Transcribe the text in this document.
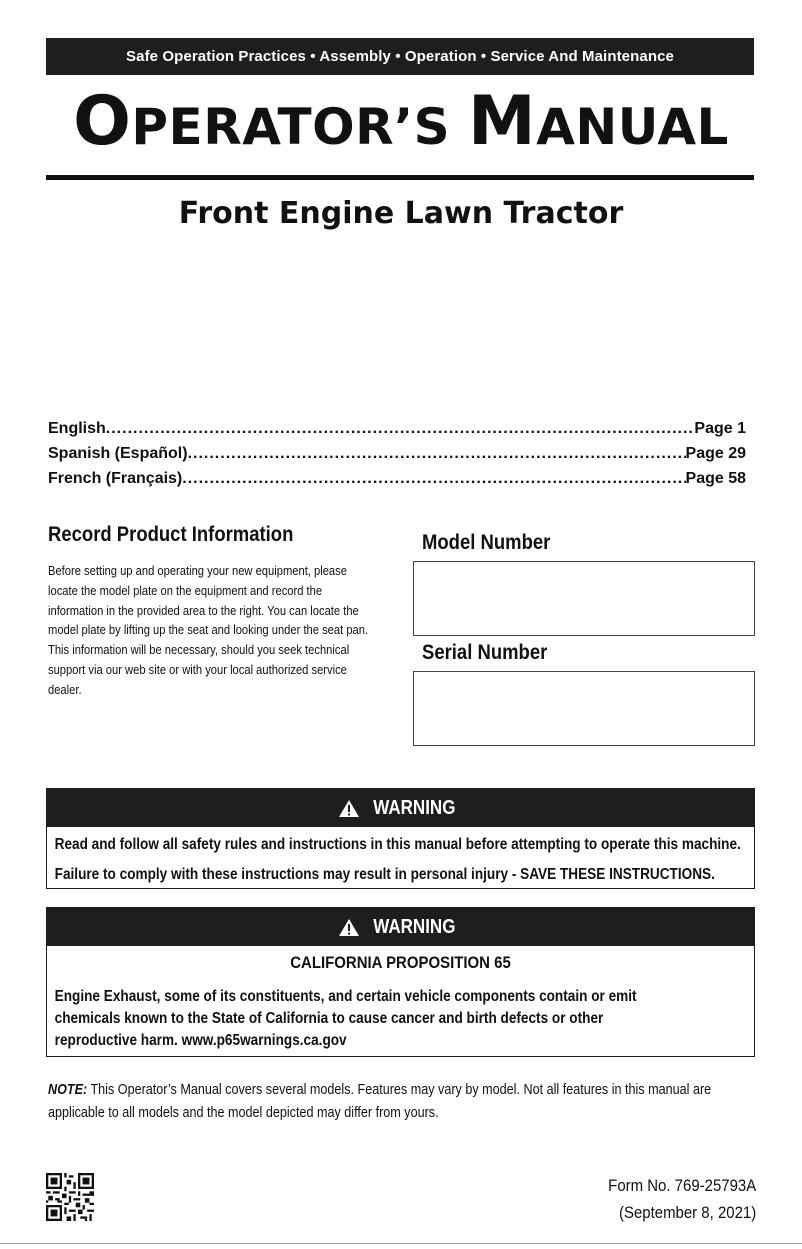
Safe Operation Practices • Assembly • Operation • Service And Maintenance
OPERATOR’S MANUAL
Front Engine Lawn Tractor
English .....	Page 1
Spanish (Español) .....	Page 29
French (Français) .....	Page 58
Record Product Information
Before setting up and operating your new equipment, please locate the model plate on the equipment and record the information in the provided area to the right. You can locate the model plate by lifting up the seat and looking under the seat pan. This information will be necessary, should you seek technical support via our web site or with your local authorized service dealer.
Model Number
Serial Number
WARNING
Read and follow all safety rules and instructions in this manual before attempting to operate this machine.
Failure to comply with these instructions may result in personal injury - SAVE THESE INSTRUCTIONS.
WARNING
CALIFORNIA PROPOSITION 65
Engine Exhaust, some of its constituents, and certain vehicle components contain or emit chemicals known to the State of California to cause cancer and birth defects or other reproductive harm. www.p65warnings.ca.gov
NOTE: This Operator’s Manual covers several models. Features may vary by model. Not all features in this manual are applicable to all models and the model depicted may differ from yours.
Form No. 769-25793A
(September 8, 2021)
